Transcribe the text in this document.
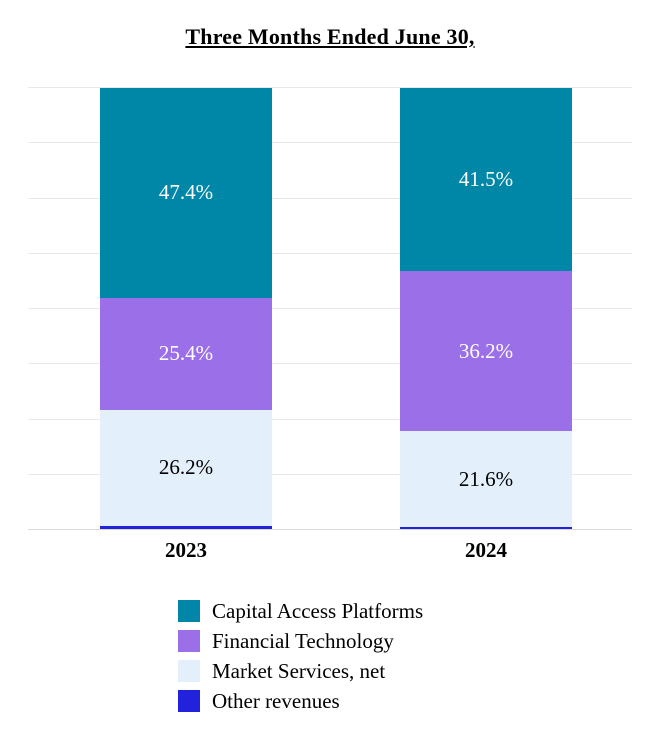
Three Months Ended June 30,
26.2%
25.4%
47.4%
21.6%
36.2%
41.5%
2023	2024
Capital Access Platforms
Financial Technology
Market Services, net
Other revenues
